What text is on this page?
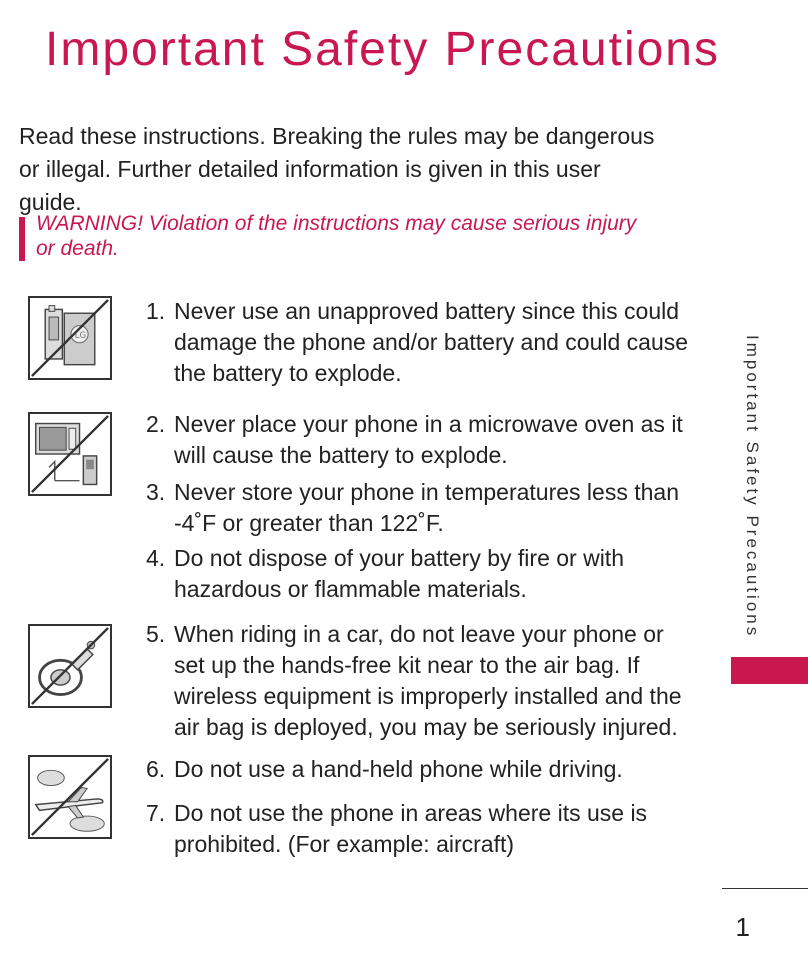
Important Safety Precautions

Read these instructions. Breaking the rules may be dangerous or illegal. Further detailed information is given in this user guide.

WARNING! Violation of the instructions may cause serious injury or death.

LG

1. Never use an unapproved battery since this could damage the phone and/or battery and could cause the battery to explode.

2. Never place your phone in a microwave oven as it will cause the battery to explode.

3. Never store your phone in temperatures less than -4˚F or greater than 122˚F.

4. Do not dispose of your battery by fire or with hazardous or flammable materials.

5. When riding in a car, do not leave your phone or set up the hands-free kit near to the air bag. If wireless equipment is improperly installed and the air bag is deployed, you may be seriously injured.

6. Do not use a hand-held phone while driving.

7. Do not use the phone in areas where its use is prohibited. (For example: aircraft)

Important Safety Precautions
1
